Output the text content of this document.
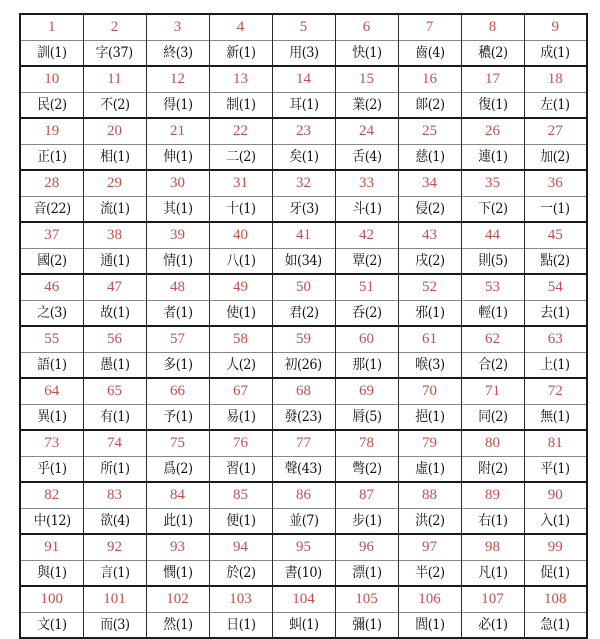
1	2	3	4	5	6	7	8	9
訓(1)	字(37)	終(3)	新(1)	用(3)	快(1)	齒(4)	穠(2)	成(1)
10	11	12	13	14	15	16	17	18
民(2)	不(2)	得(1)	制(1)	耳(1)	業(2)	郞(2)	復(1)	左(1)
19	20	21	22	23	24	25	26	27
正(1)	相(1)	伸(1)	二(2)	矣(1)	舌(4)	慈(1)	連(1)	加(2)
28	29	30	31	32	33	34	35	36
音(22)	流(1)	其(1)	十(1)	牙(3)	斗(1)	侵(2)	下(2)	一(1)
37	38	39	40	41	42	43	44	45
國(2)	通(1)	情(1)	八(1)	如(34)	覃(2)	戌(2)	則(5)	點(2)
46	47	48	49	50	51	52	53	54
之(3)	故(1)	者(1)	使(1)	君(2)	呑(2)	邪(1)	輕(1)	去(1)
55	56	57	58	59	60	61	62	63
語(1)	愚(1)	多(1)	人(2)	初(26)	那(1)	喉(3)	合(2)	上(1)
64	65	66	67	68	69	70	71	72
異(1)	有(1)	予(1)	易(1)	發(23)	脣(5)	挹(1)	同(2)	無(1)
73	74	75	76	77	78	79	80	81
乎(1)	所(1)	爲(2)	習(1)	聲(43)	彆(2)	虛(1)	附(2)	平(1)
82	83	84	85	86	87	88	89	90
中(12)	欲(4)	此(1)	便(1)	並(7)	步(1)	洪(2)	右(1)	入(1)
91	92	93	94	95	96	97	98	99
與(1)	言(1)	憫(1)	於(2)	書(10)	漂(1)	半(2)	凡(1)	促(1)
100	101	102	103	104	105	106	107	108
文(1)	而(3)	然(1)	日(1)	虯(1)	彌(1)	閭(1)	必(1)	急(1)
